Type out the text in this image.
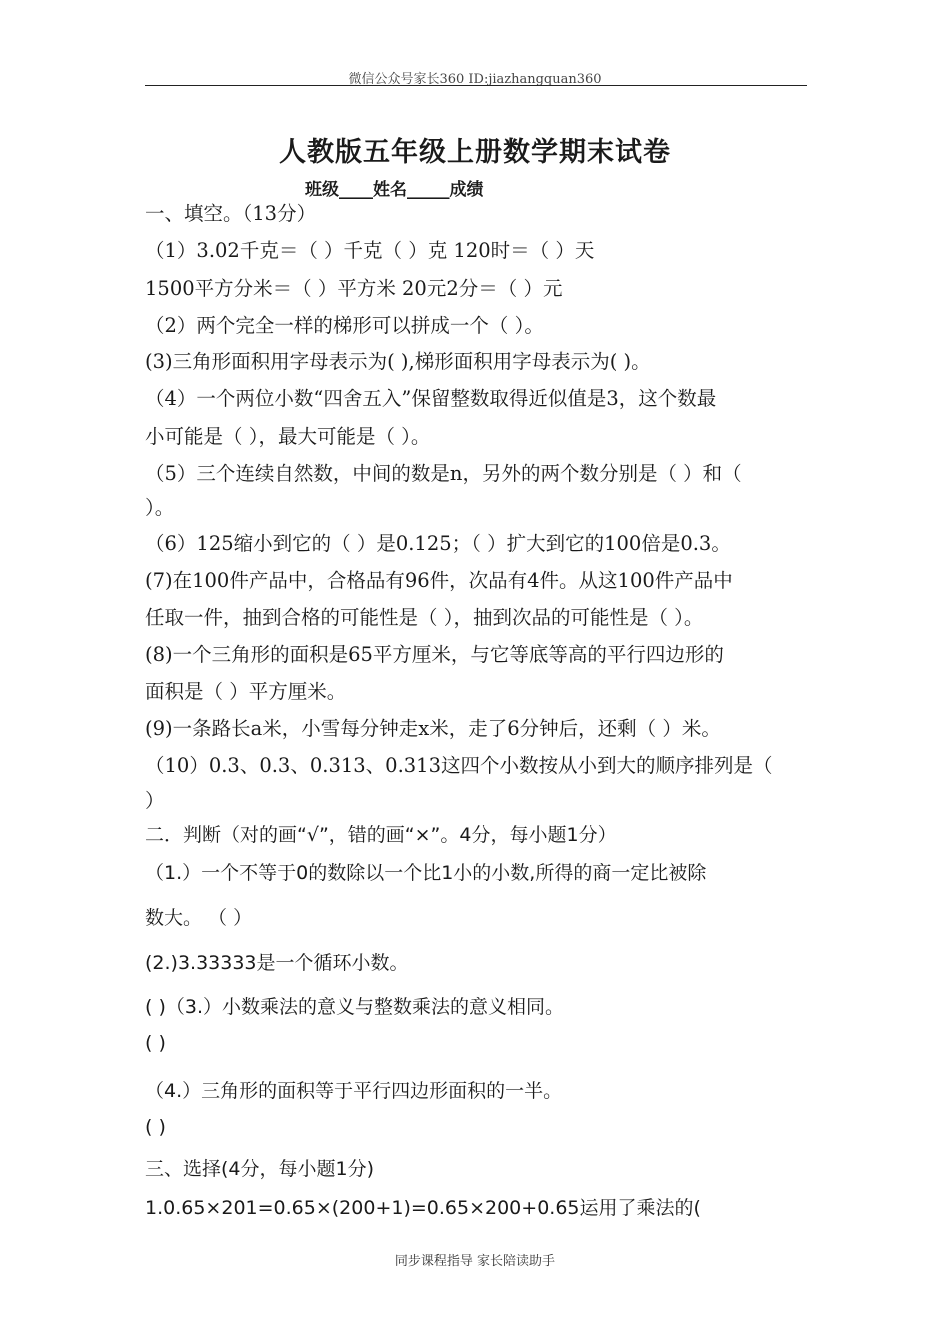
微信公众号家长360 ID:jiazhangquan360
人教版五年级上册数学期末试卷
班级____姓名_____成绩
一、填空。（13分）
（1）3.02千克＝（ ）千克（ ）克 120时＝（ ）天
1500平方分米＝（ ）平方米 20元2分＝（ ）元
（2）两个完全一样的梯形可以拼成一个（ ）。
(3)三角形面积用字母表示为( ),梯形面积用字母表示为( )。
（4）一个两位小数“四舍五入”保留整数取得近似值是3，这个数最
小可能是（ ），最大可能是（ ）。
（5）三个连续自然数，中间的数是n，另外的两个数分别是（ ）和（
）。
（6）125缩小到它的（ ）是0.125；（ ）扩大到它的100倍是0.3。
(7)在100件产品中，合格品有96件，次品有4件。从这100件产品中
任取一件，抽到合格的可能性是（ ），抽到次品的可能性是（ ）。
(8)一个三角形的面积是65平方厘米，与它等底等高的平行四边形的
面积是（ ）平方厘米。
(9)一条路长a米，小雪每分钟走x米，走了6分钟后，还剩（ ）米。
（10）0.3、0.3、0.313、0.313这四个小数按从小到大的顺序排列是（
）
二．判断（对的画“√”，错的画“×”。4分，每小题1分）
（1.）一个不等于0的数除以一个比1小的小数,所得的商一定比被除
数大。 （ ）
(2.)3.33333是一个循环小数。
( )（3.）小数乘法的意义与整数乘法的意义相同。
( )
（4.）三角形的面积等于平行四边形面积的一半。
( )
三、选择(4分，每小题1分)
1.0.65×201=0.65×(200+1)=0.65×200+0.65运用了乘法的(
同步课程指导 家长陪读助手
